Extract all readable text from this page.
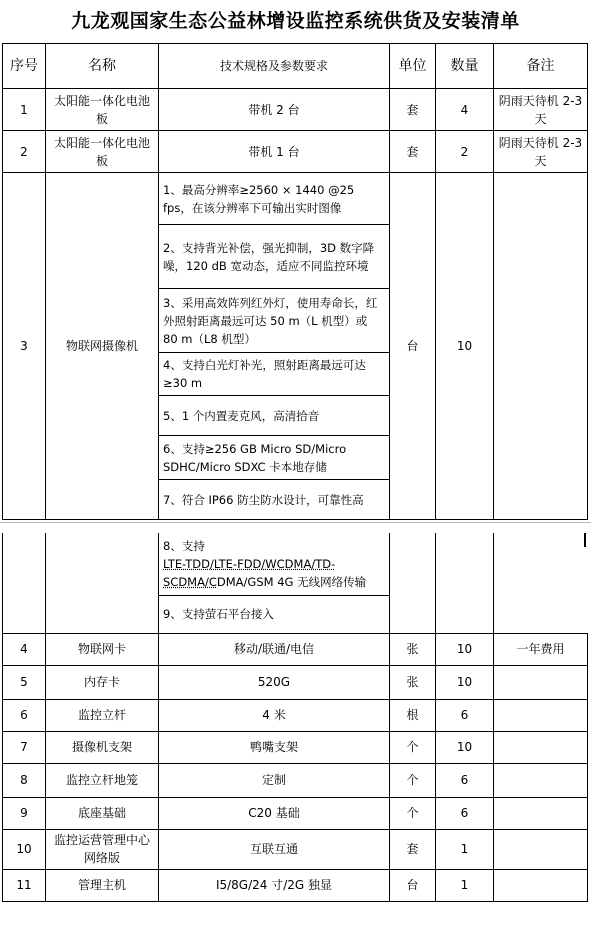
九龙观国家生态公益林增设监控系统供货及安装清单
序号	名称	技术规格及参数要求	单位	数量	备注
1	太阳能一体化电池板	带机 2 台	套	4	阴雨天待机 2-3 天
2	太阳能一体化电池板	带机 1 台	套	2	阴雨天待机 2-3 天
3	物联网摄像机	1、最高分辨率≥2560 × 1440 @25 fps，在该分辨率下可输出实时图像	台	10	
		2、支持背光补偿，强光抑制，3D 数字降噪，120 dB 宽动态，适应不同监控环境			
		3、采用高效阵列红外灯，使用寿命长，红外照射距离最远可达 50 m（L 机型）或 80 m（L8 机型）			
		4、支持白光灯补光，照射距离最远可达≥30 m			
		5、1 个内置麦克风，高清拾音			
		6、支持≥256 GB Micro SD/Micro SDHC/Micro SDXC 卡本地存储			
		7、符合 IP66 防尘防水设计，可靠性高			
		8、支持
LTE-TDD/LTE-FDD/WCDMA/TD-SCDMA/CDMA/GSM 4G 无线网络传输			
		9、支持萤石平台接入			
4	物联网卡	移动/联通/电信	张	10	一年费用
5	内存卡	520G	张	10	
6	监控立杆	4 米	根	6	
7	摄像机支架	鸭嘴支架	个	10	
8	监控立杆地笼	定制	个	6	
9	底座基础	C20 基础	个	6	
10	监控运营管理中心网络版	互联互通	套	1	
11	管理主机	I5/8G/24 寸/2G 独显	台	1	
